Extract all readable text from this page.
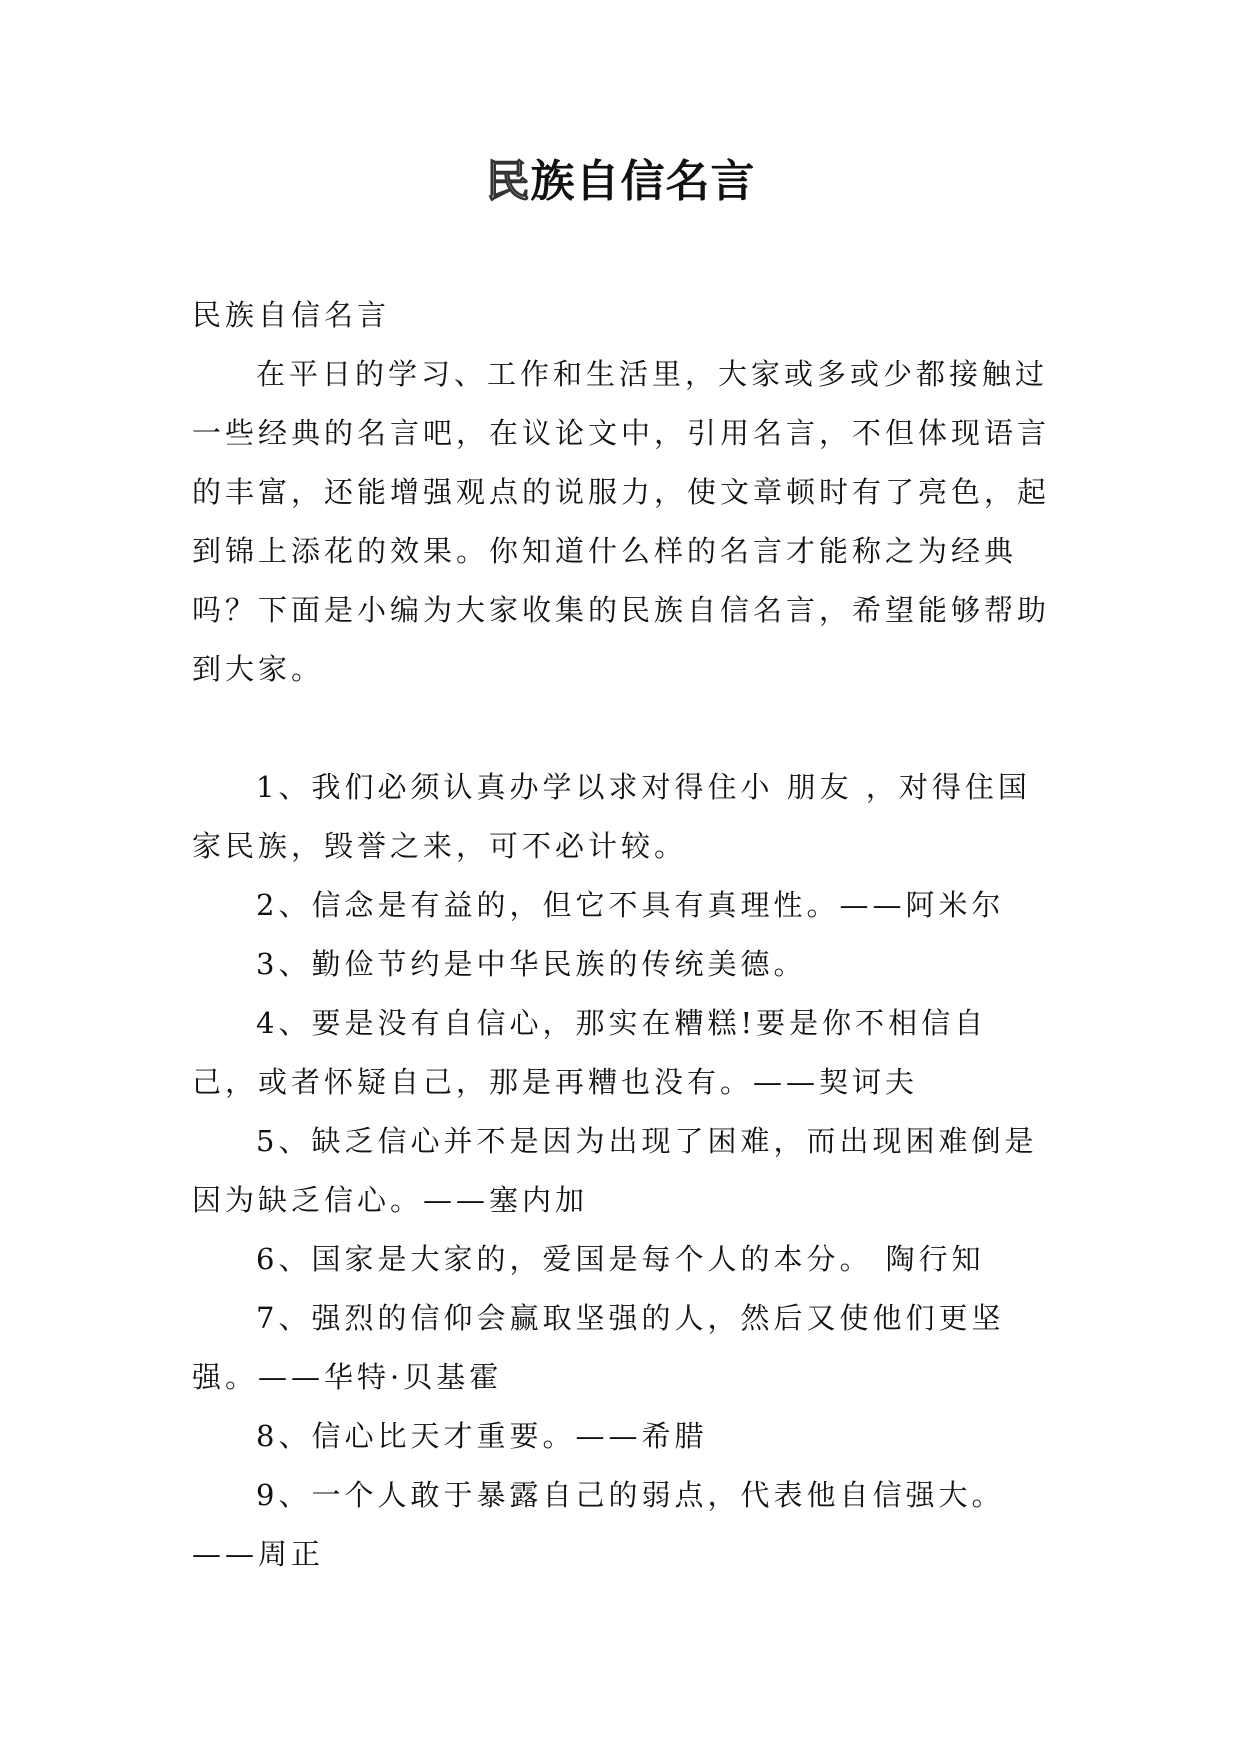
民族自信名言

民族自信名言

在平日的学习、工作和生活里，大家或多或少都接触过一些经典的名言吧，在议论文中，引用名言，不但体现语言的丰富，还能增强观点的说服力，使文章顿时有了亮色，起到锦上添花的效果。你知道什么样的名言才能称之为经典吗？下面是小编为大家收集的民族自信名言，希望能够帮助到大家。

1、我们必须认真办学以求对得住小 朋友 ，对得住国家民族，毁誉之来，可不必计较。

2、信念是有益的，但它不具有真理性。——阿米尔

3、勤俭节约是中华民族的传统美德。

4、要是没有自信心，那实在糟糕!要是你不相信自己，或者怀疑自己，那是再糟也没有。——契诃夫

5、缺乏信心并不是因为出现了困难，而出现困难倒是因为缺乏信心。——塞内加

6、国家是大家的，爱国是每个人的本分。 陶行知

7、强烈的信仰会赢取坚强的人，然后又使他们更坚强。——华特·贝基霍

8、信心比天才重要。——希腊

9、一个人敢于暴露自己的弱点，代表他自信强大。——周正
